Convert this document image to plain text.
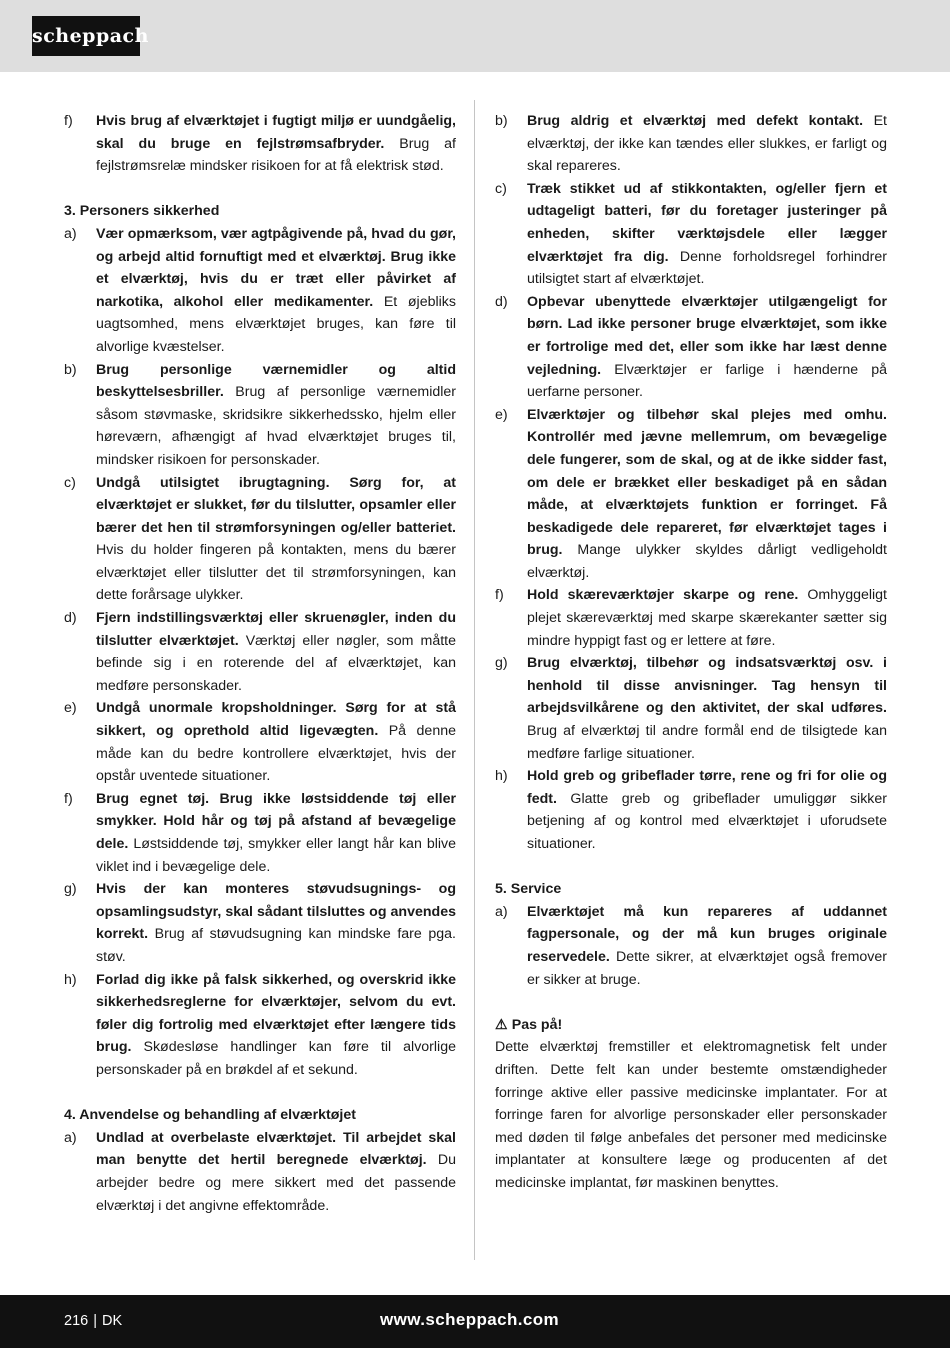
scheppach
f) Hvis brug af elværktøjet i fugtigt miljø er uundgåelig, skal du bruge en fejlstrømsafbryder. Brug af fejlstrømsrelæ mindsker risikoen for at få elektrisk stød.
3. Personers sikkerhed
a) Vær opmærksom, vær agtpågivende på, hvad du gør, og arbejd altid fornuftigt med et elværktøj. Brug ikke et elværktøj, hvis du er træt eller påvirket af narkotika, alkohol eller medikamenter. Et øjebliks uagtsomhed, mens elværktøjet bruges, kan føre til alvorlige kvæstelser.
b) Brug personlige værnemidler og altid beskyttelsesbriller. Brug af personlige værnemidler såsom støvmaske, skridsikre sikkerhedssko, hjelm eller høreværn, afhængigt af hvad elværktøjet bruges til, mindsker risikoen for personskader.
c) Undgå utilsigtet ibrugtagning. Sørg for, at elværktøjet er slukket, før du tilslutter, opsamler eller bærer det hen til strømforsyningen og/eller batteriet. Hvis du holder fingeren på kontakten, mens du bærer elværktøjet eller tilslutter det til strømforsyningen, kan dette forårsage ulykker.
d) Fjern indstillingsværktøj eller skruenøgler, inden du tilslutter elværktøjet. Værktøj eller nøgler, som måtte befinde sig i en roterende del af elværktøjet, kan medføre personskader.
e) Undgå unormale kropsholdninger. Sørg for at stå sikkert, og oprethold altid ligevægten. På denne måde kan du bedre kontrollere elværktøjet, hvis der opstår uventede situationer.
f) Brug egnet tøj. Brug ikke løstsiddende tøj eller smykker. Hold hår og tøj på afstand af bevægelige dele. Løstsiddende tøj, smykker eller langt hår kan blive viklet ind i bevægelige dele.
g) Hvis der kan monteres støvudsugnings- og opsamlingsudstyr, skal sådant tilsluttes og anvendes korrekt. Brug af støvudsugning kan mindske fare pga. støv.
h) Forlad dig ikke på falsk sikkerhed, og overskrid ikke sikkerhedsreglerne for elværktøjer, selvom du evt. føler dig fortrolig med elværktøjet efter længere tids brug. Skødesløse handlinger kan føre til alvorlige personskader på en brøkdel af et sekund.
4. Anvendelse og behandling af elværktøjet
a) Undlad at overbelaste elværktøjet. Til arbejdet skal man benytte det hertil beregnede elværktøj. Du arbejder bedre og mere sikkert med det passende elværktøj i det angivne effektområde.
b) Brug aldrig et elværktøj med defekt kontakt. Et elværktøj, der ikke kan tændes eller slukkes, er farligt og skal repareres.
c) Træk stikket ud af stikkontakten, og/eller fjern et udtageligt batteri, før du foretager justeringer på enheden, skifter værktøjsdele eller lægger elværktøjet fra dig. Denne forholdsregel forhindrer utilsigtet start af elværktøjet.
d) Opbevar ubenyttede elværktøjer utilgængeligt for børn. Lad ikke personer bruge elværktøjet, som ikke er fortrolige med det, eller som ikke har læst denne vejledning. Elværktøjer er farlige i hænderne på uerfarne personer.
e) Elværktøjer og tilbehør skal plejes med omhu. Kontrollér med jævne mellemrum, om bevægelige dele fungerer, som de skal, og at de ikke sidder fast, om dele er brækket eller beskadiget på en sådan måde, at elværktøjets funktion er forringet. Få beskadigede dele repareret, før elværktøjet tages i brug. Mange ulykker skyldes dårligt vedligeholdt elværktøj.
f) Hold skæreværktøjer skarpe og rene. Omhyggeligt plejet skæreværktøj med skarpe skærekanter sætter sig mindre hyppigt fast og er lettere at føre.
g) Brug elværktøj, tilbehør og indsatsværktøj osv. i henhold til disse anvisninger. Tag hensyn til arbejdsvilkårene og den aktivitet, der skal udføres. Brug af elværktøj til andre formål end de tilsigtede kan medføre farlige situationer.
h) Hold greb og gribeflader tørre, rene og fri for olie og fedt. Glatte greb og gribeflader umuliggør sikker betjening af og kontrol med elværktøjet i uforudsete situationer.
5. Service
a) Elværktøjet må kun repareres af uddannet fagpersonale, og der må kun bruges originale reservedele. Dette sikrer, at elværktøjet også fremover er sikker at bruge.
⚠ Pas på!
Dette elværktøj fremstiller et elektromagnetisk felt under driften. Dette felt kan under bestemte omstændigheder forringe aktive eller passive medicinske implantater. For at forringe faren for alvorlige personskader eller personskader med døden til følge anbefales det personer med medicinske implantater at konsultere læge og producenten af det medicinske implantat, før maskinen benyttes.
216 | DK	www.scheppach.com
